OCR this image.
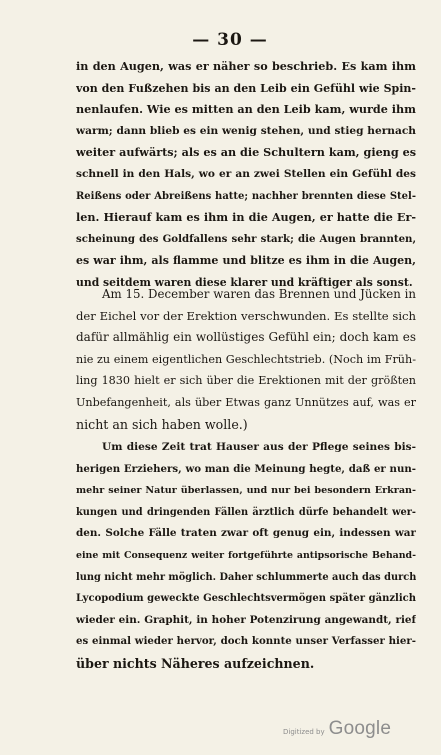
— 30 —

in den Augen, was er näher so beschrieb. Es kam ihm
von den Fußzehen bis an den Leib ein Gefühl wie Spin-
nenlaufen. Wie es mitten an den Leib kam, wurde ihm
warm; dann blieb es ein wenig stehen, und stieg hernach
weiter aufwärts; als es an die Schultern kam, gieng es
schnell in den Hals, wo er an zwei Stellen ein Gefühl des
Reißens oder Abreißens hatte; nachher brennten diese Stel-
len. Hierauf kam es ihm in die Augen, er hatte die Er-
scheinung des Goldfallens sehr stark; die Augen brannten,
es war ihm, als flamme und blitze es ihm in die Augen,
und seitdem waren diese klarer und kräftiger als sonst.

Am 15. December waren das Brennen und Jücken in
der Eichel vor der Erektion verschwunden. Es stellte sich
dafür allmählig ein wollüstiges Gefühl ein; doch kam es
nie zu einem eigentlichen Geschlechtstrieb. (Noch im Früh-
ling 1830 hielt er sich über die Erektionen mit der größten
Unbefangenheit, als über Etwas ganz Unnützes auf, was er
nicht an sich haben wolle.)

Um diese Zeit trat Hauser aus der Pflege seines bis-
herigen Erziehers, wo man die Meinung hegte, daß er nun-
mehr seiner Natur überlassen, und nur bei besondern Erkran-
kungen und dringenden Fällen ärztlich dürfe behandelt wer-
den. Solche Fälle traten zwar oft genug ein, indessen war
eine mit Consequenz weiter fortgeführte antipsorische Behand-
lung nicht mehr möglich. Daher schlummerte auch das durch
Lycopodium geweckte Geschlechtsvermögen später gänzlich
wieder ein. Graphit, in hoher Potenzirung angewandt, rief
es einmal wieder hervor, doch konnte unser Verfasser hier-
über nichts Näheres aufzeichnen.

Digitized by Google
